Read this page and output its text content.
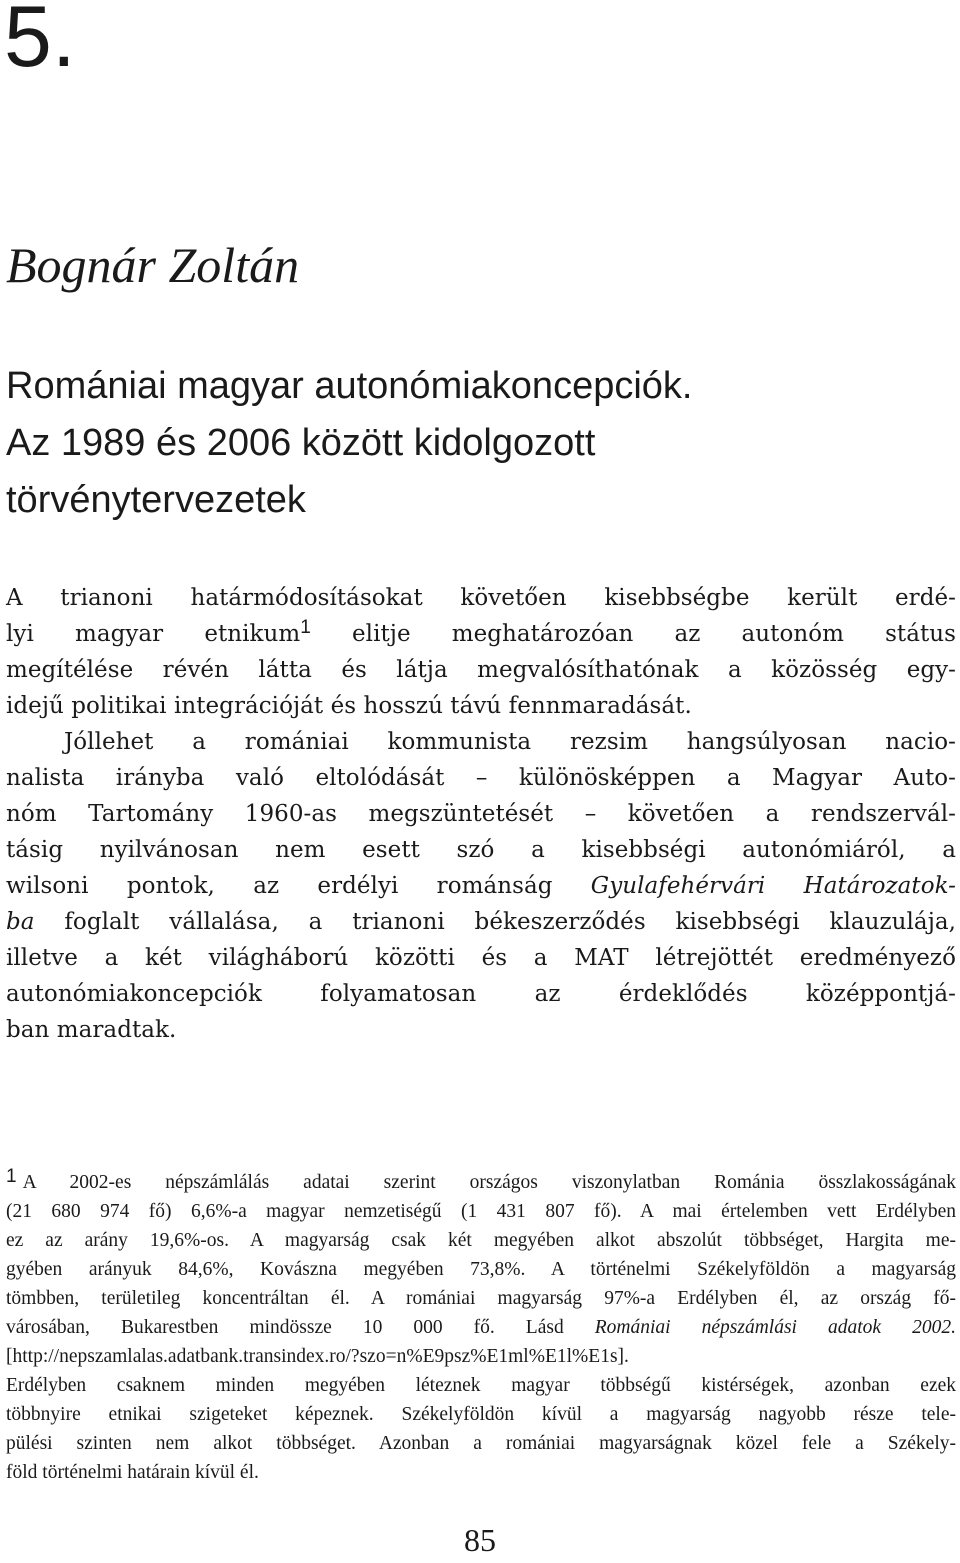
5.
Bognár Zoltán
Romániai magyar autonómiakoncepciók.
Az 1989 és 2006 között kidolgozott
törvénytervezetek
A trianoni határmódosításokat követően kisebbségbe került erdé-
lyi magyar etnikum$^1$ elitje meghatározóan az autonóm státus
megítélése révén látta és látja megvalósíthatónak a közösség egy-
idejű politikai integrációját és hosszú távú fennmaradását.
Jóllehet a romániai kommunista rezsim hangsúlyosan nacio-
nalista irányba való eltolódását – különösképpen a Magyar Auto-
nóm Tartomány 1960-as megszüntetését – követően a rendszervál-
tásig nyilvánosan nem esett szó a kisebbségi autonómiáról, a
wilsoni pontok, az erdélyi románság Gyulafehérvári Határozatok-
ba foglalt vállalása, a trianoni békeszerződés kisebbségi klauzulája,
illetve a két világháború közötti és a MAT létrejöttét eredményező
autonómiakoncepciók folyamatosan az érdeklődés középpontjá-
ban maradtak.
1 A 2002-es népszámlálás adatai szerint országos viszonylatban Románia összlakosságának
(21 680 974 fő) 6,6%-a magyar nemzetiségű (1 431 807 fő). A mai értelemben vett Erdélyben
ez az arány 19,6%-os. A magyarság csak két megyében alkot abszolút többséget, Hargita me-
gyében arányuk 84,6%, Kovászna megyében 73,8%. A történelmi Székelyföldön a magyarság
tömbben, területileg koncentráltan él. A romániai magyarság 97%-a Erdélyben él, az ország fő-
városában, Bukarestben mindössze 10 000 fő. Lásd Romániai népszámlási adatok 2002.
[http://nepszamlalas.adatbank.transindex.ro/?szo=n%E9psz%E1ml%E1l%E1s].
Erdélyben csaknem minden megyében léteznek magyar többségű kistérségek, azonban ezek
többnyire etnikai szigeteket képeznek. Székelyföldön kívül a magyarság nagyobb része tele-
pülési szinten nem alkot többséget. Azonban a romániai magyarságnak közel fele a Székely-
föld történelmi határain kívül él.
85
